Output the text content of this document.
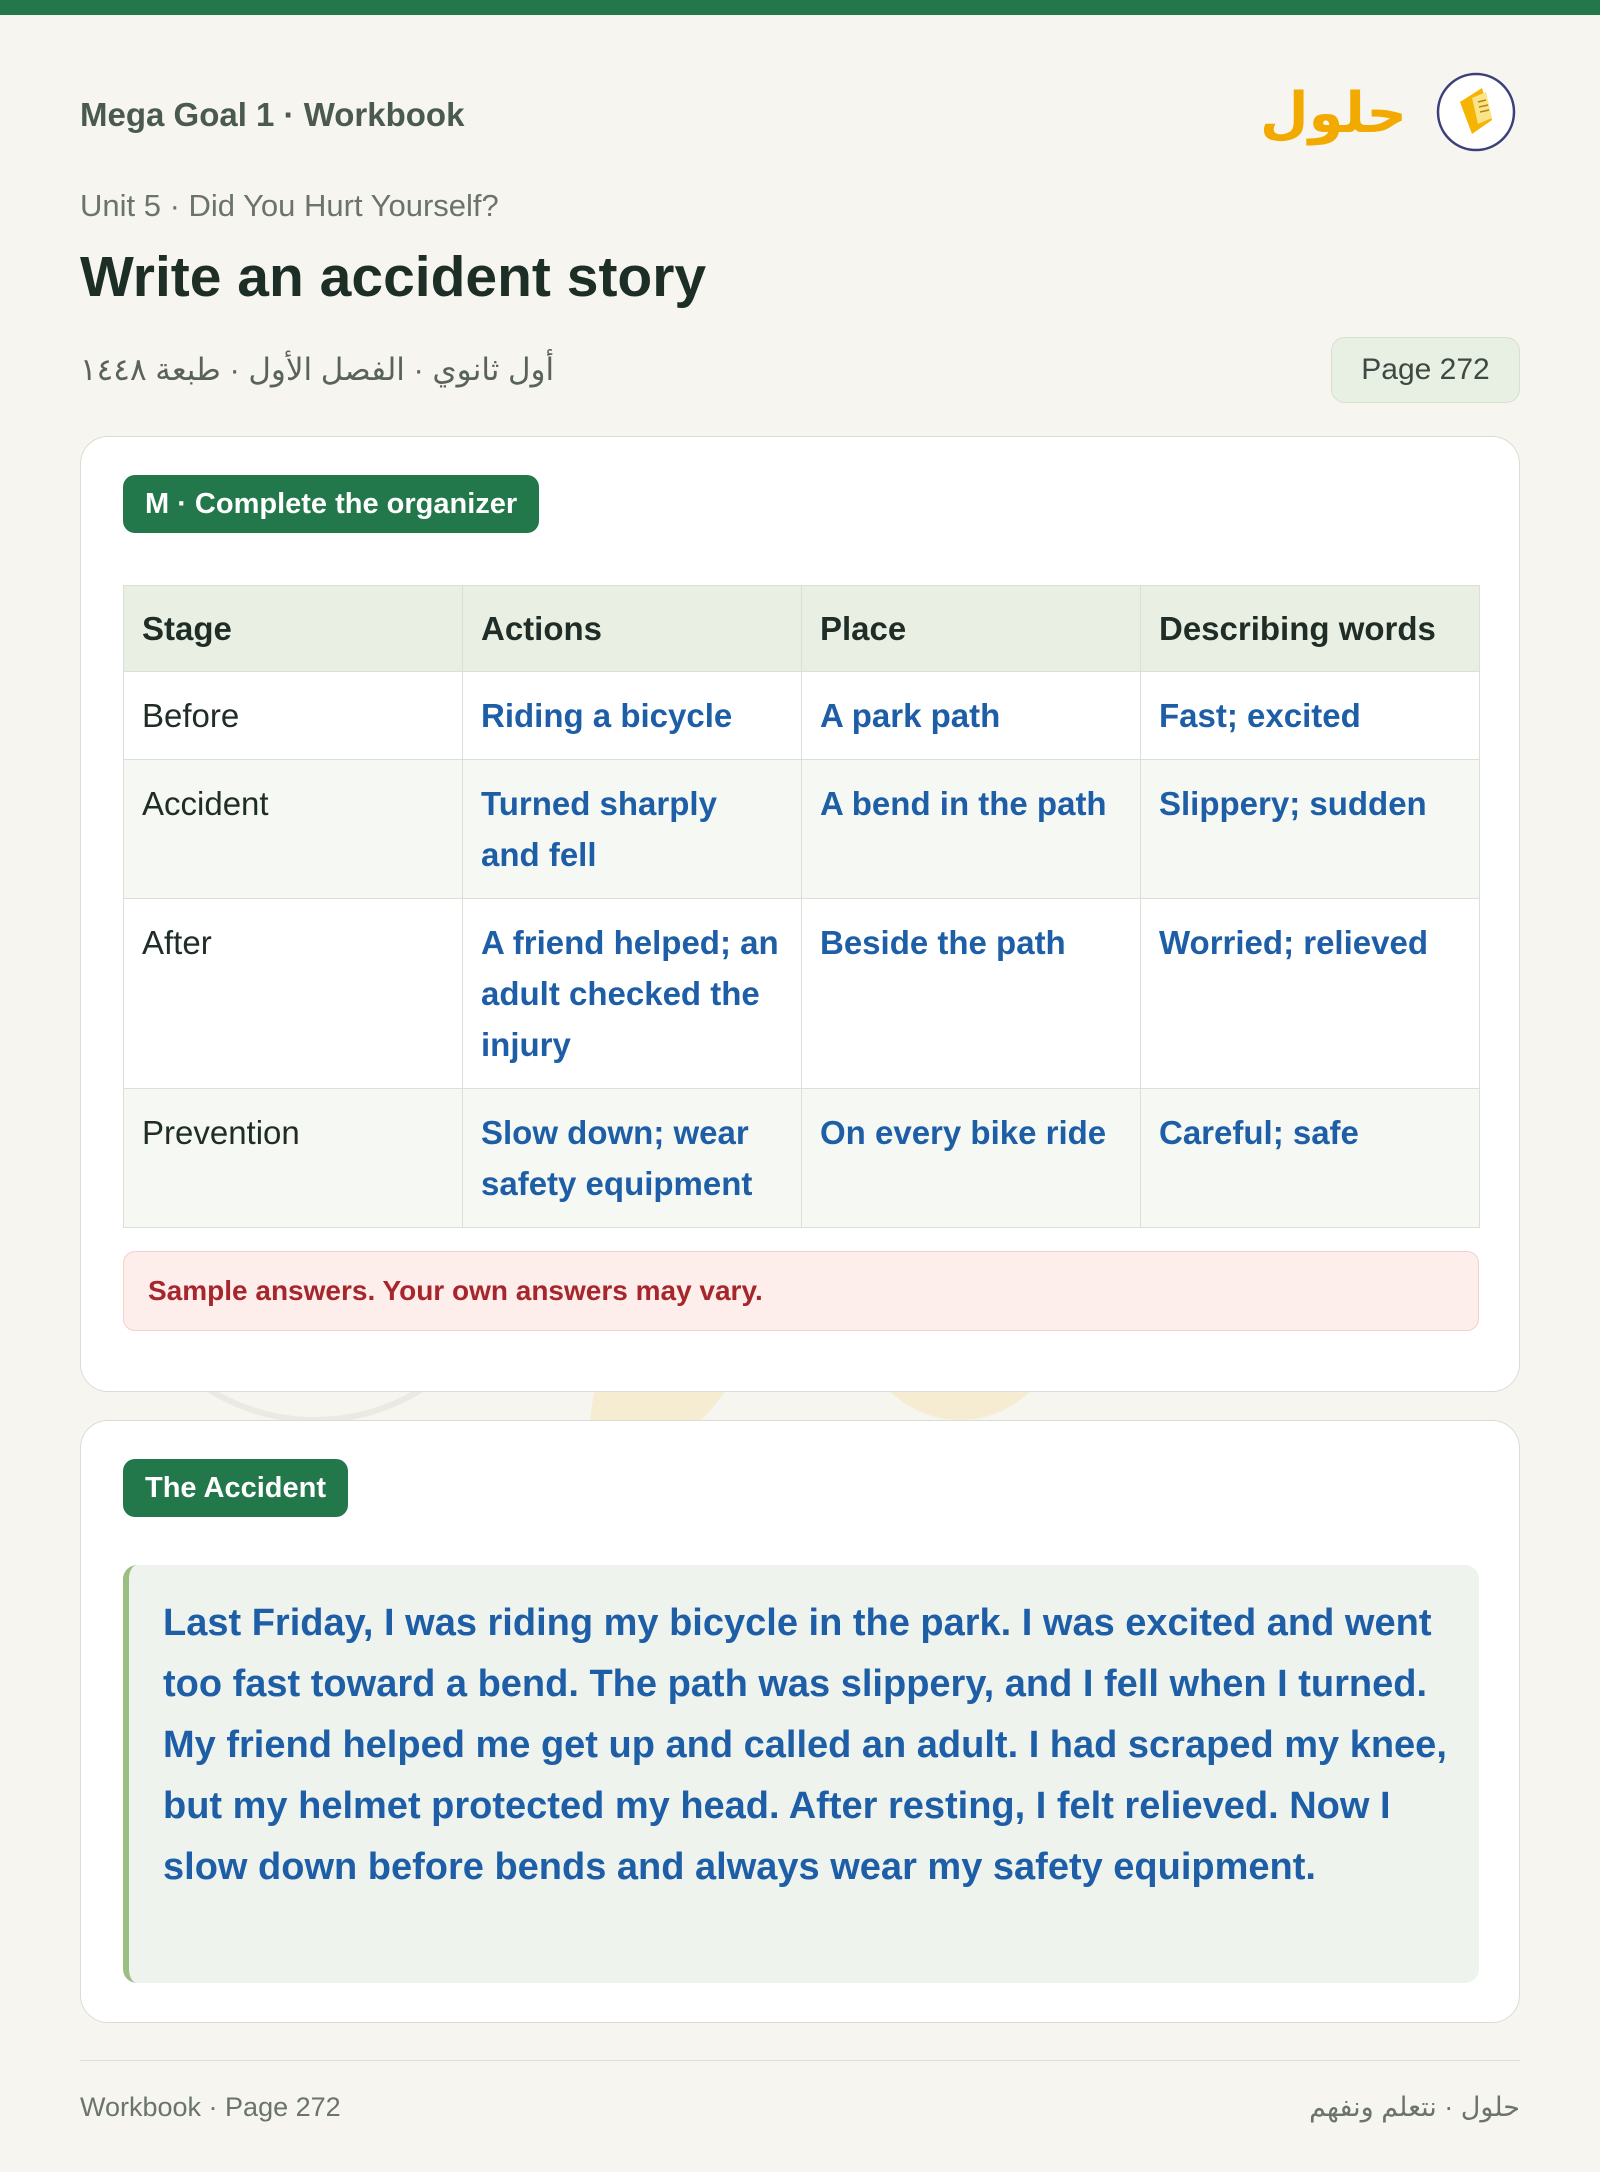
Mega Goal 1 · Workbook
Unit 5 · Did You Hurt Yourself?
Write an accident story
أول ثانوي · الفصل الأول · طبعة ١٤٤٨	Page 272
حلول
M · Complete the organizer
Stage	Actions	Place	Describing words
Before	Riding a bicycle	A park path	Fast; excited
Accident	Turned sharply and fell	A bend in the path	Slippery; sudden
After	A friend helped; an adult checked the injury	Beside the path	Worried; relieved
Prevention	Slow down; wear safety equipment	On every bike ride	Careful; safe
Sample answers. Your own answers may vary.
The Accident
Last Friday, I was riding my bicycle in the park. I was excited and went too fast toward a bend. The path was slippery, and I fell when I turned. My friend helped me get up and called an adult. I had scraped my knee, but my helmet protected my head. After resting, I felt relieved. Now I slow down before bends and always wear my safety equipment.
Workbook · Page 272	حلول · نتعلم ونفهم
